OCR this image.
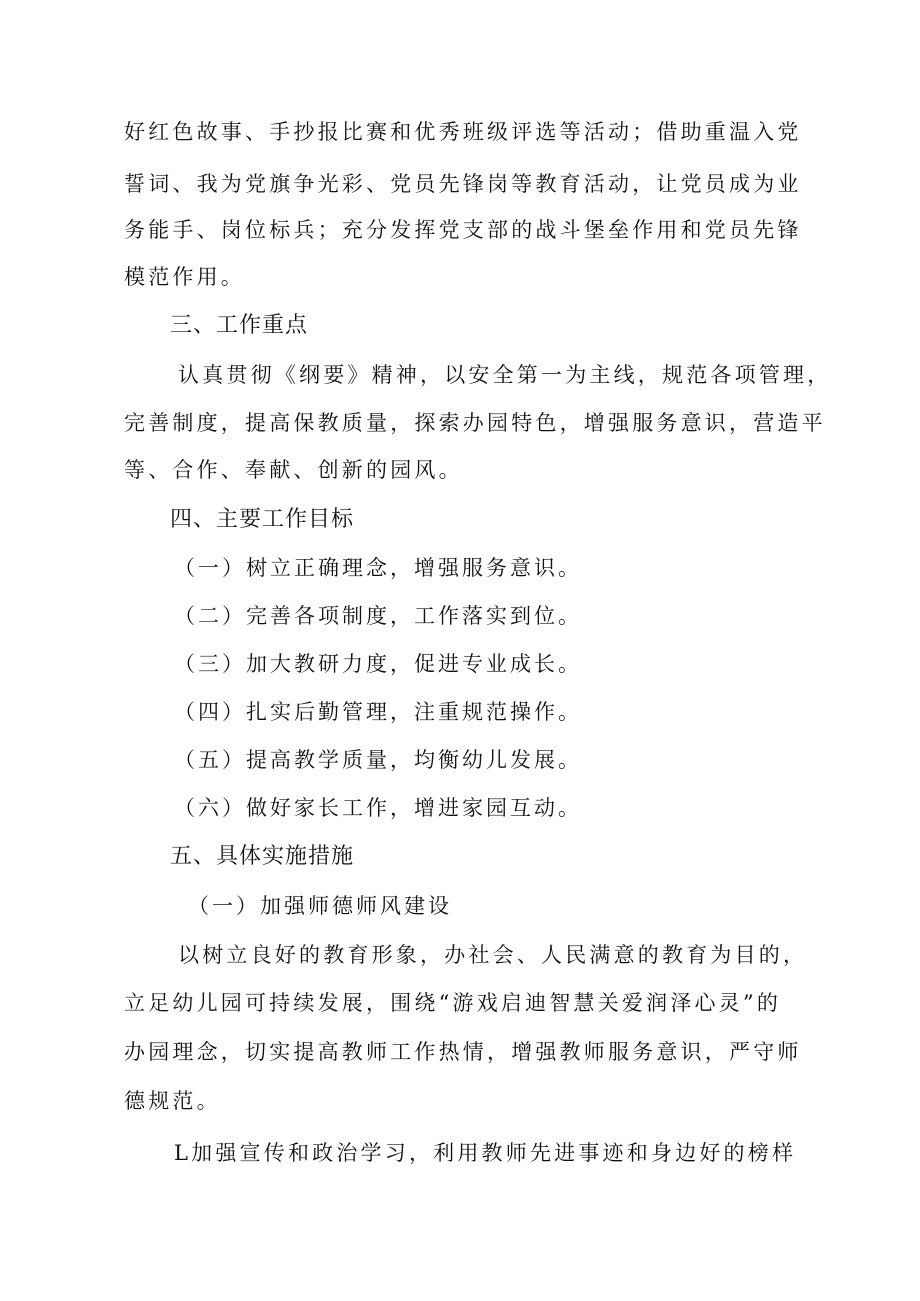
好红色故事、手抄报比赛和优秀班级评选等活动；借助重温入党

誓词、我为党旗争光彩、党员先锋岗等教育活动，让党员成为业

务能手、岗位标兵；充分发挥党支部的战斗堡垒作用和党员先锋

模范作用。

三、工作重点

认真贯彻《纲要》精神，以安全第一为主线，规范各项管理，

完善制度，提高保教质量，探索办园特色，增强服务意识，营造平

等、合作、奉献、创新的园风。

四、主要工作目标

（一）树立正确理念，增强服务意识。

（二）完善各项制度，工作落实到位。

（三）加大教研力度，促进专业成长。

（四）扎实后勤管理，注重规范操作。

（五）提高教学质量，均衡幼儿发展。

（六）做好家长工作，增进家园互动。

五、具体实施措施

（一）加强师德师风建设

以树立良好的教育形象，办社会、人民满意的教育为目的，

立足幼儿园可持续发展，围绕“游戏启迪智慧关爱润泽心灵”的

办园理念，切实提高教师工作热情，增强教师服务意识，严守师

德规范。

L加强宣传和政治学习，利用教师先进事迹和身边好的榜样
